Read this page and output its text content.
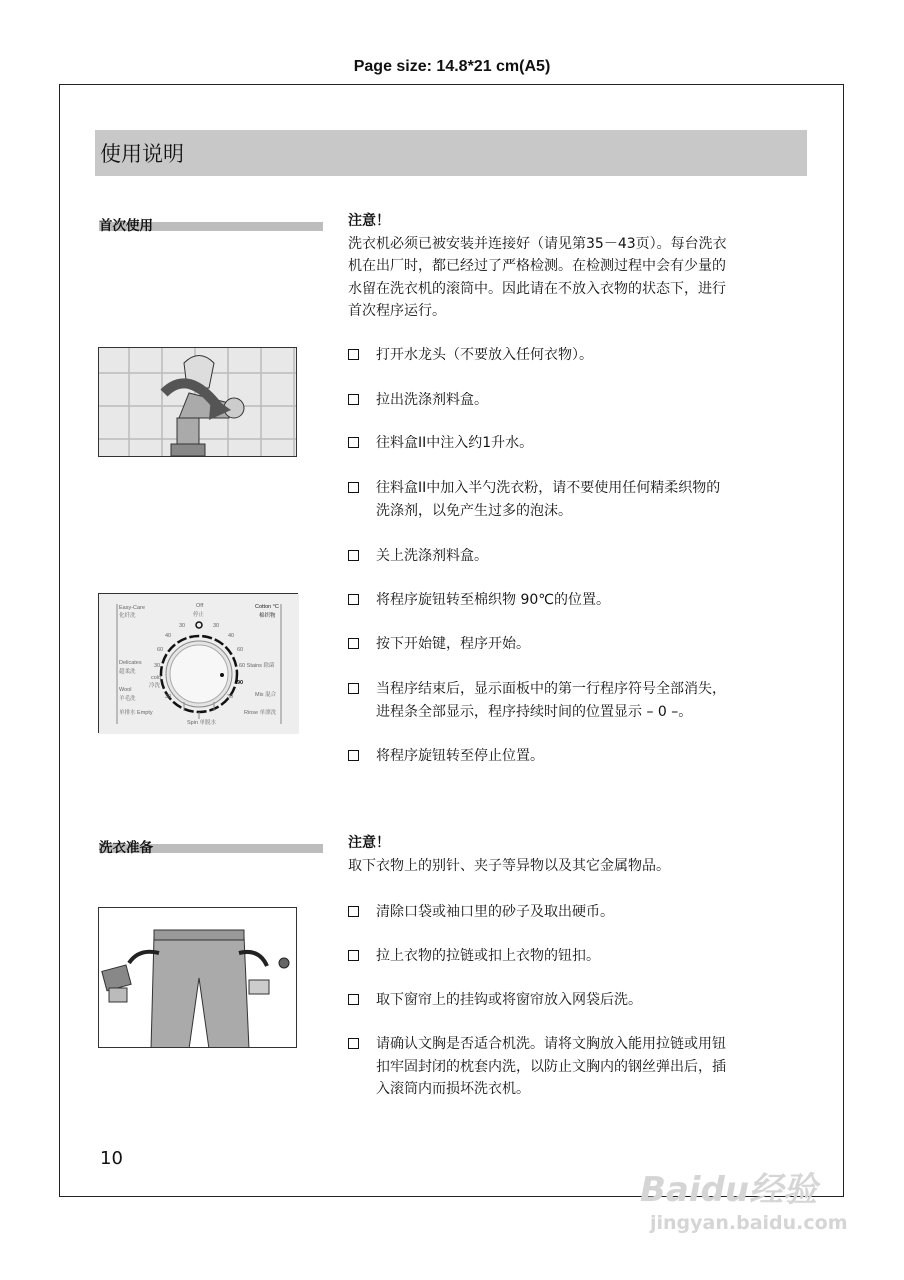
Page size: 14.8*21 cm(A5)
使用说明
首次使用	注意！
洗衣机必须已被安装并连接好（请见第35－43页）。每台洗衣
机在出厂时，都已经过了严格检测。在检测过程中会有少量的
水留在洗衣机的滚筒中。因此请在不放入衣物的状态下，进行
首次程序运行。
打开水龙头（不要放入任何衣物）。
拉出洗涤剂料盒。
往料盒II中注入约1升水。
往料盒II中加入半勺洗衣粉，请不要使用任何精柔织物的
洗涤剂，以免产生过多的泡沫。
关上洗涤剂料盒。
将程序旋钮转至棉织物 90℃的位置。
按下开始键，程序开始。
当程序结束后，显示面板中的第一行程序符号全部消失，
进程条全部显示，程序持续时间的位置显示 – 0 –。
将程序旋钮转至停止位置。
Off
停止
Easy-Care
化纤洗
Cotton °C
棉织物
Delicates
超柔洗
cold
冷洗
Wool
羊毛洗
60 Stains 除菌
Mix 混合
单排水 Empty
Spin 单脱水
Rinse 单漂洗
30	30
40	40
60	60
30
30
90
30
洗衣准备	注意！
取下衣物上的别针、夹子等异物以及其它金属物品。
清除口袋或袖口里的砂子及取出硬币。
拉上衣物的拉链或扣上衣物的钮扣。
取下窗帘上的挂钩或将窗帘放入网袋后洗。
请确认文胸是否适合机洗。请将文胸放入能用拉链或用钮
扣牢固封闭的枕套内洗，以防止文胸内的钢丝弹出后，插
入滚筒内而损坏洗衣机。
10
Baidu经验
jingyan.baidu.com
